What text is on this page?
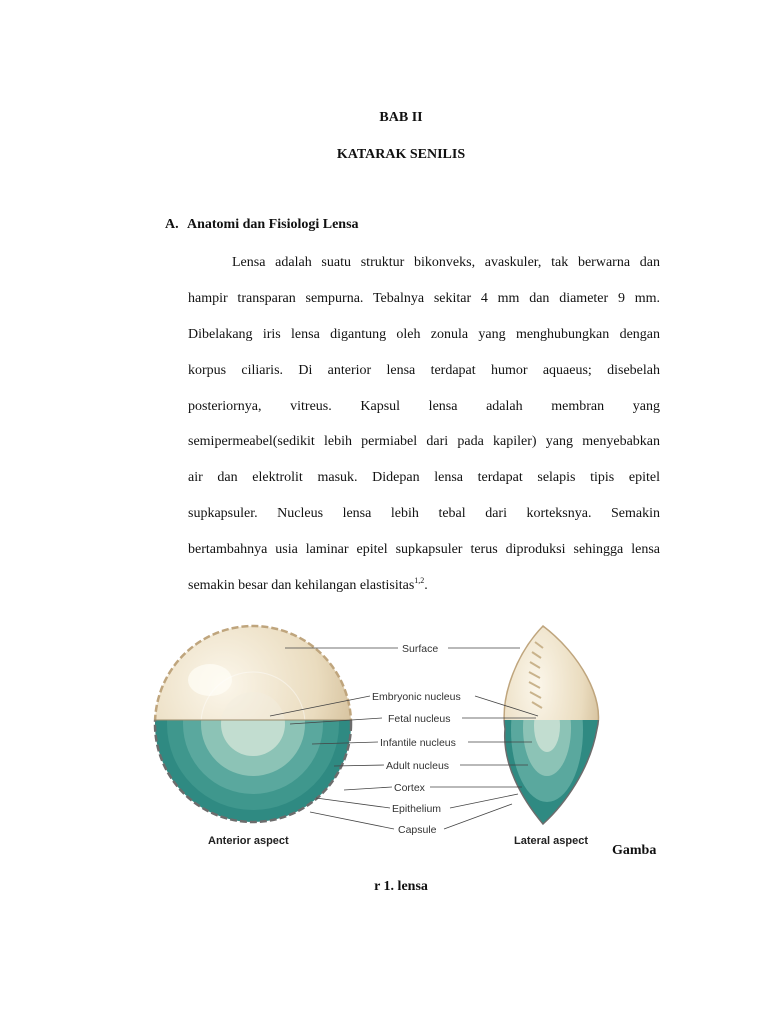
BAB II
KATARAK SENILIS
A. Anatomi dan Fisiologi Lensa
Lensa adalah suatu struktur bikonveks, avaskuler, tak berwarna dan
hampir transparan sempurna. Tebalnya sekitar 4 mm dan diameter 9 mm.
Dibelakang iris lensa digantung oleh zonula yang menghubungkan dengan
korpus ciliaris. Di anterior lensa terdapat humor aquaeus; disebelah
posteriornya, vitreus. Kapsul lensa adalah membran yang
semipermeabel(sedikit lebih permiabel dari pada kapiler) yang menyebabkan
air dan elektrolit masuk. Didepan lensa terdapat selapis tipis epitel
supkapsuler. Nucleus lensa lebih tebal dari korteksnya. Semakin
bertambahnya usia laminar epitel supkapsuler terus diproduksi sehingga lensa
semakin besar dan kehilangan elastisitas$^{1,2}$.
Surface
Embryonic nucleus
Fetal nucleus
Infantile nucleus
Adult nucleus
Cortex
Epithelium
Capsule
Anterior aspect	Lateral aspect
Gamba
r 1. lensa
